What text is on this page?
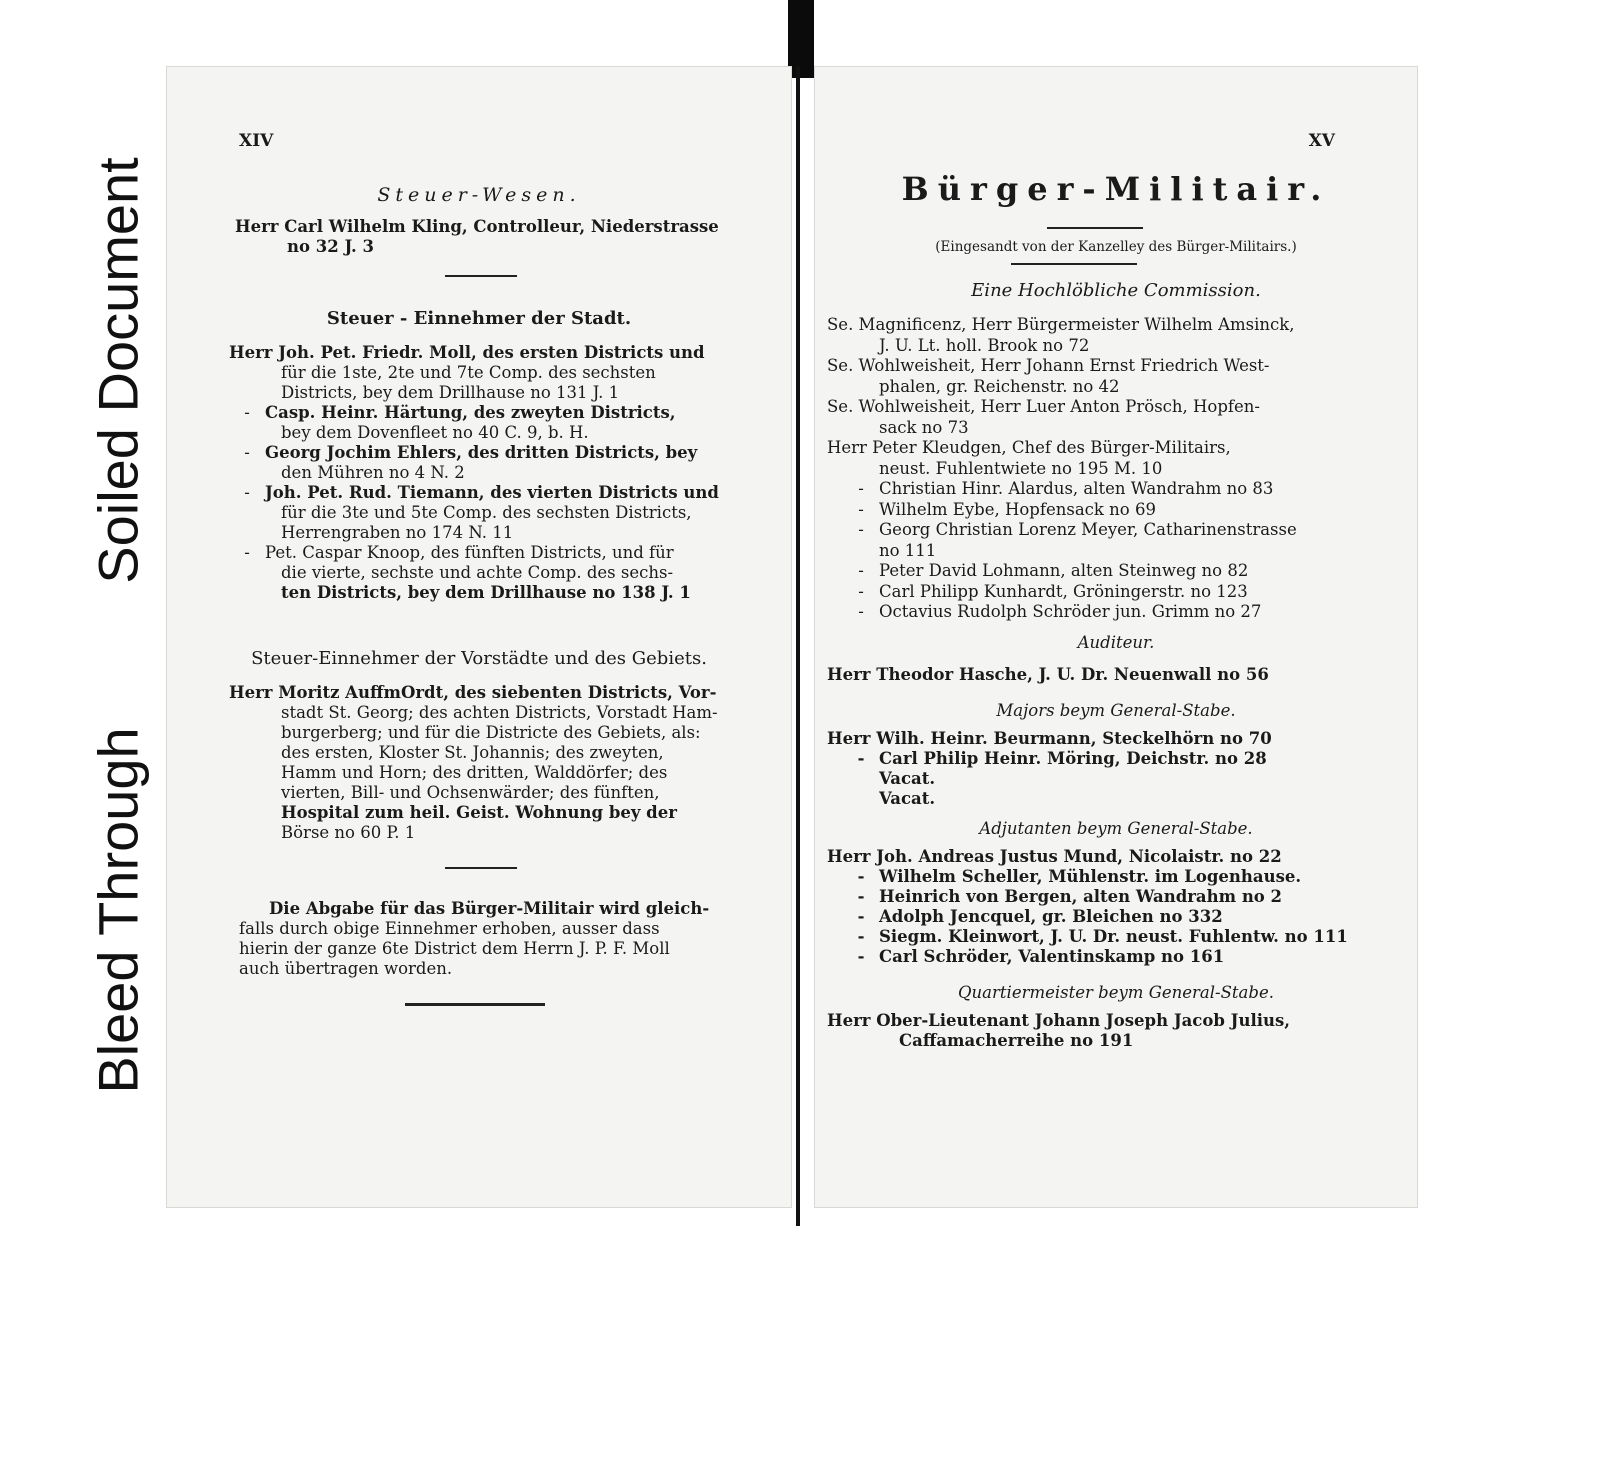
Soiled Document
Bleed Through
XIV
Steuer-Wesen.
Herr Carl Wilhelm Kling, Controlleur, Niederstrasse
no 32 J. 3
Steuer - Einnehmer der Stadt.
Herr Joh. Pet. Friedr. Moll, des ersten Districts und
für die 1ste, 2te und 7te Comp. des sechsten
Districts, bey dem Drillhause no 131 J. 1
- Casp. Heinr. Härtung, des zweyten Districts,
bey dem Dovenfleet no 40 C. 9, b. H.
- Georg Jochim Ehlers, des dritten Districts, bey
den Mühren no 4 N. 2
- Joh. Pet. Rud. Tiemann, des vierten Districts und
für die 3te und 5te Comp. des sechsten Districts,
Herrengraben no 174 N. 11
- Pet. Caspar Knoop, des fünften Districts, und für
die vierte, sechste und achte Comp. des sechs-
ten Districts, bey dem Drillhause no 138 J. 1
Steuer-Einnehmer der Vorstädte und des Gebiets.
Herr Moritz AuffmOrdt, des siebenten Districts, Vor-
stadt St. Georg; des achten Districts, Vorstadt Ham-
burgerberg; und für die Districte des Gebiets, als:
des ersten, Kloster St. Johannis; des zweyten,
Hamm und Horn; des dritten, Walddörfer; des
vierten, Bill- und Ochsenwärder; des fünften,
Hospital zum heil. Geist. Wohnung bey der
Börse no 60 P. 1
Die Abgabe für das Bürger-Militair wird gleich-
falls durch obige Einnehmer erhoben, ausser dass
hierin der ganze 6te District dem Herrn J. P. F. Moll
auch übertragen worden.
XV
Bürger-Militair.
(Eingesandt von der Kanzelley des Bürger-Militairs.)
Eine Hochlöbliche Commission.
Se. Magnificenz, Herr Bürgermeister Wilhelm Amsinck,
J. U. Lt. holl. Brook no 72
Se. Wohlweisheit, Herr Johann Ernst Friedrich West-
phalen, gr. Reichenstr. no 42
Se. Wohlweisheit, Herr Luer Anton Prösch, Hopfen-
sack no 73
Herr Peter Kleudgen, Chef des Bürger-Militairs,
neust. Fuhlentwiete no 195 M. 10
- Christian Hinr. Alardus, alten Wandrahm no 83
- Wilhelm Eybe, Hopfensack no 69
- Georg Christian Lorenz Meyer, Catharinenstrasse
no 111
- Peter David Lohmann, alten Steinweg no 82
- Carl Philipp Kunhardt, Gröningerstr. no 123
- Octavius Rudolph Schröder jun. Grimm no 27
Auditeur.
Herr Theodor Hasche, J. U. Dr. Neuenwall no 56
Majors beym General-Stabe.
Herr Wilh. Heinr. Beurmann, Steckelhörn no 70
- Carl Philip Heinr. Möring, Deichstr. no 28
Vacat.
Vacat.
Adjutanten beym General-Stabe.
Herr Joh. Andreas Justus Mund, Nicolaistr. no 22
- Wilhelm Scheller, Mühlenstr. im Logenhause.
- Heinrich von Bergen, alten Wandrahm no 2
- Adolph Jencquel, gr. Bleichen no 332
- Siegm. Kleinwort, J. U. Dr. neust. Fuhlentw. no 111
- Carl Schröder, Valentinskamp no 161
Quartiermeister beym General-Stabe.
Herr Ober-Lieutenant Johann Joseph Jacob Julius,
Caffamacherreihe no 191
